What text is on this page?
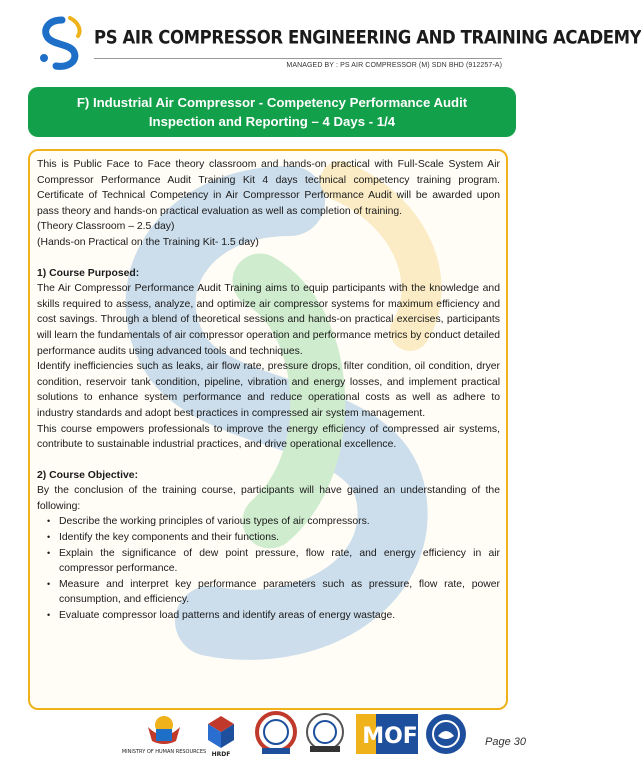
PS AIR COMPRESSOR ENGINEERING AND TRAINING ACADEMY
MANAGED BY : PS AIR COMPRESSOR (M) SDN BHD (912257-A)
F) Industrial Air Compressor - Competency Performance Audit
Inspection and Reporting – 4 Days - 1/4

This is Public Face to Face theory classroom and hands-on practical with Full-Scale System Air Compressor Performance Audit Training Kit 4 days technical competency training program. Certificate of Technical Competency in Air Compressor Performance Audit will be awarded upon pass theory and hands-on practical evaluation as well as completion of training.

(Theory Classroom – 2.5 day)

(Hands-on Practical on the Training Kit- 1.5 day)

1) Course Purposed:

The Air Compressor Performance Audit Training aims to equip participants with the knowledge and skills required to assess, analyze, and optimize air compressor systems for maximum efficiency and cost savings. Through a blend of theoretical sessions and hands-on practical exercises, participants will learn the fundamentals of air compressor operation and performance metrics by conduct detailed performance audits using advanced tools and techniques.

Identify inefficiencies such as leaks, air flow rate, pressure drops, filter condition, oil condition, dryer condition, reservoir tank condition, pipeline, vibration and energy losses, and implement practical solutions to enhance system performance and reduce operational costs as well as adhere to industry standards and adopt best practices in compressed air system management.

This course empowers professionals to improve the energy efficiency of compressed air systems, contribute to sustainable industrial practices, and drive operational excellence.

2) Course Objective:

By the conclusion of the training course, participants will have gained an understanding of the following:

• Describe the working principles of various types of air compressors.
• Identify the key components and their functions.
• Explain the significance of dew point pressure, flow rate, and energy efficiency in air compressor performance.
• Measure and interpret key performance parameters such as pressure, flow rate, power consumption, and efficiency.
• Evaluate compressor load patterns and identify areas of energy wastage.
MINISTRY OF HUMAN RESOURCES HRDF
MOF	Page 30
